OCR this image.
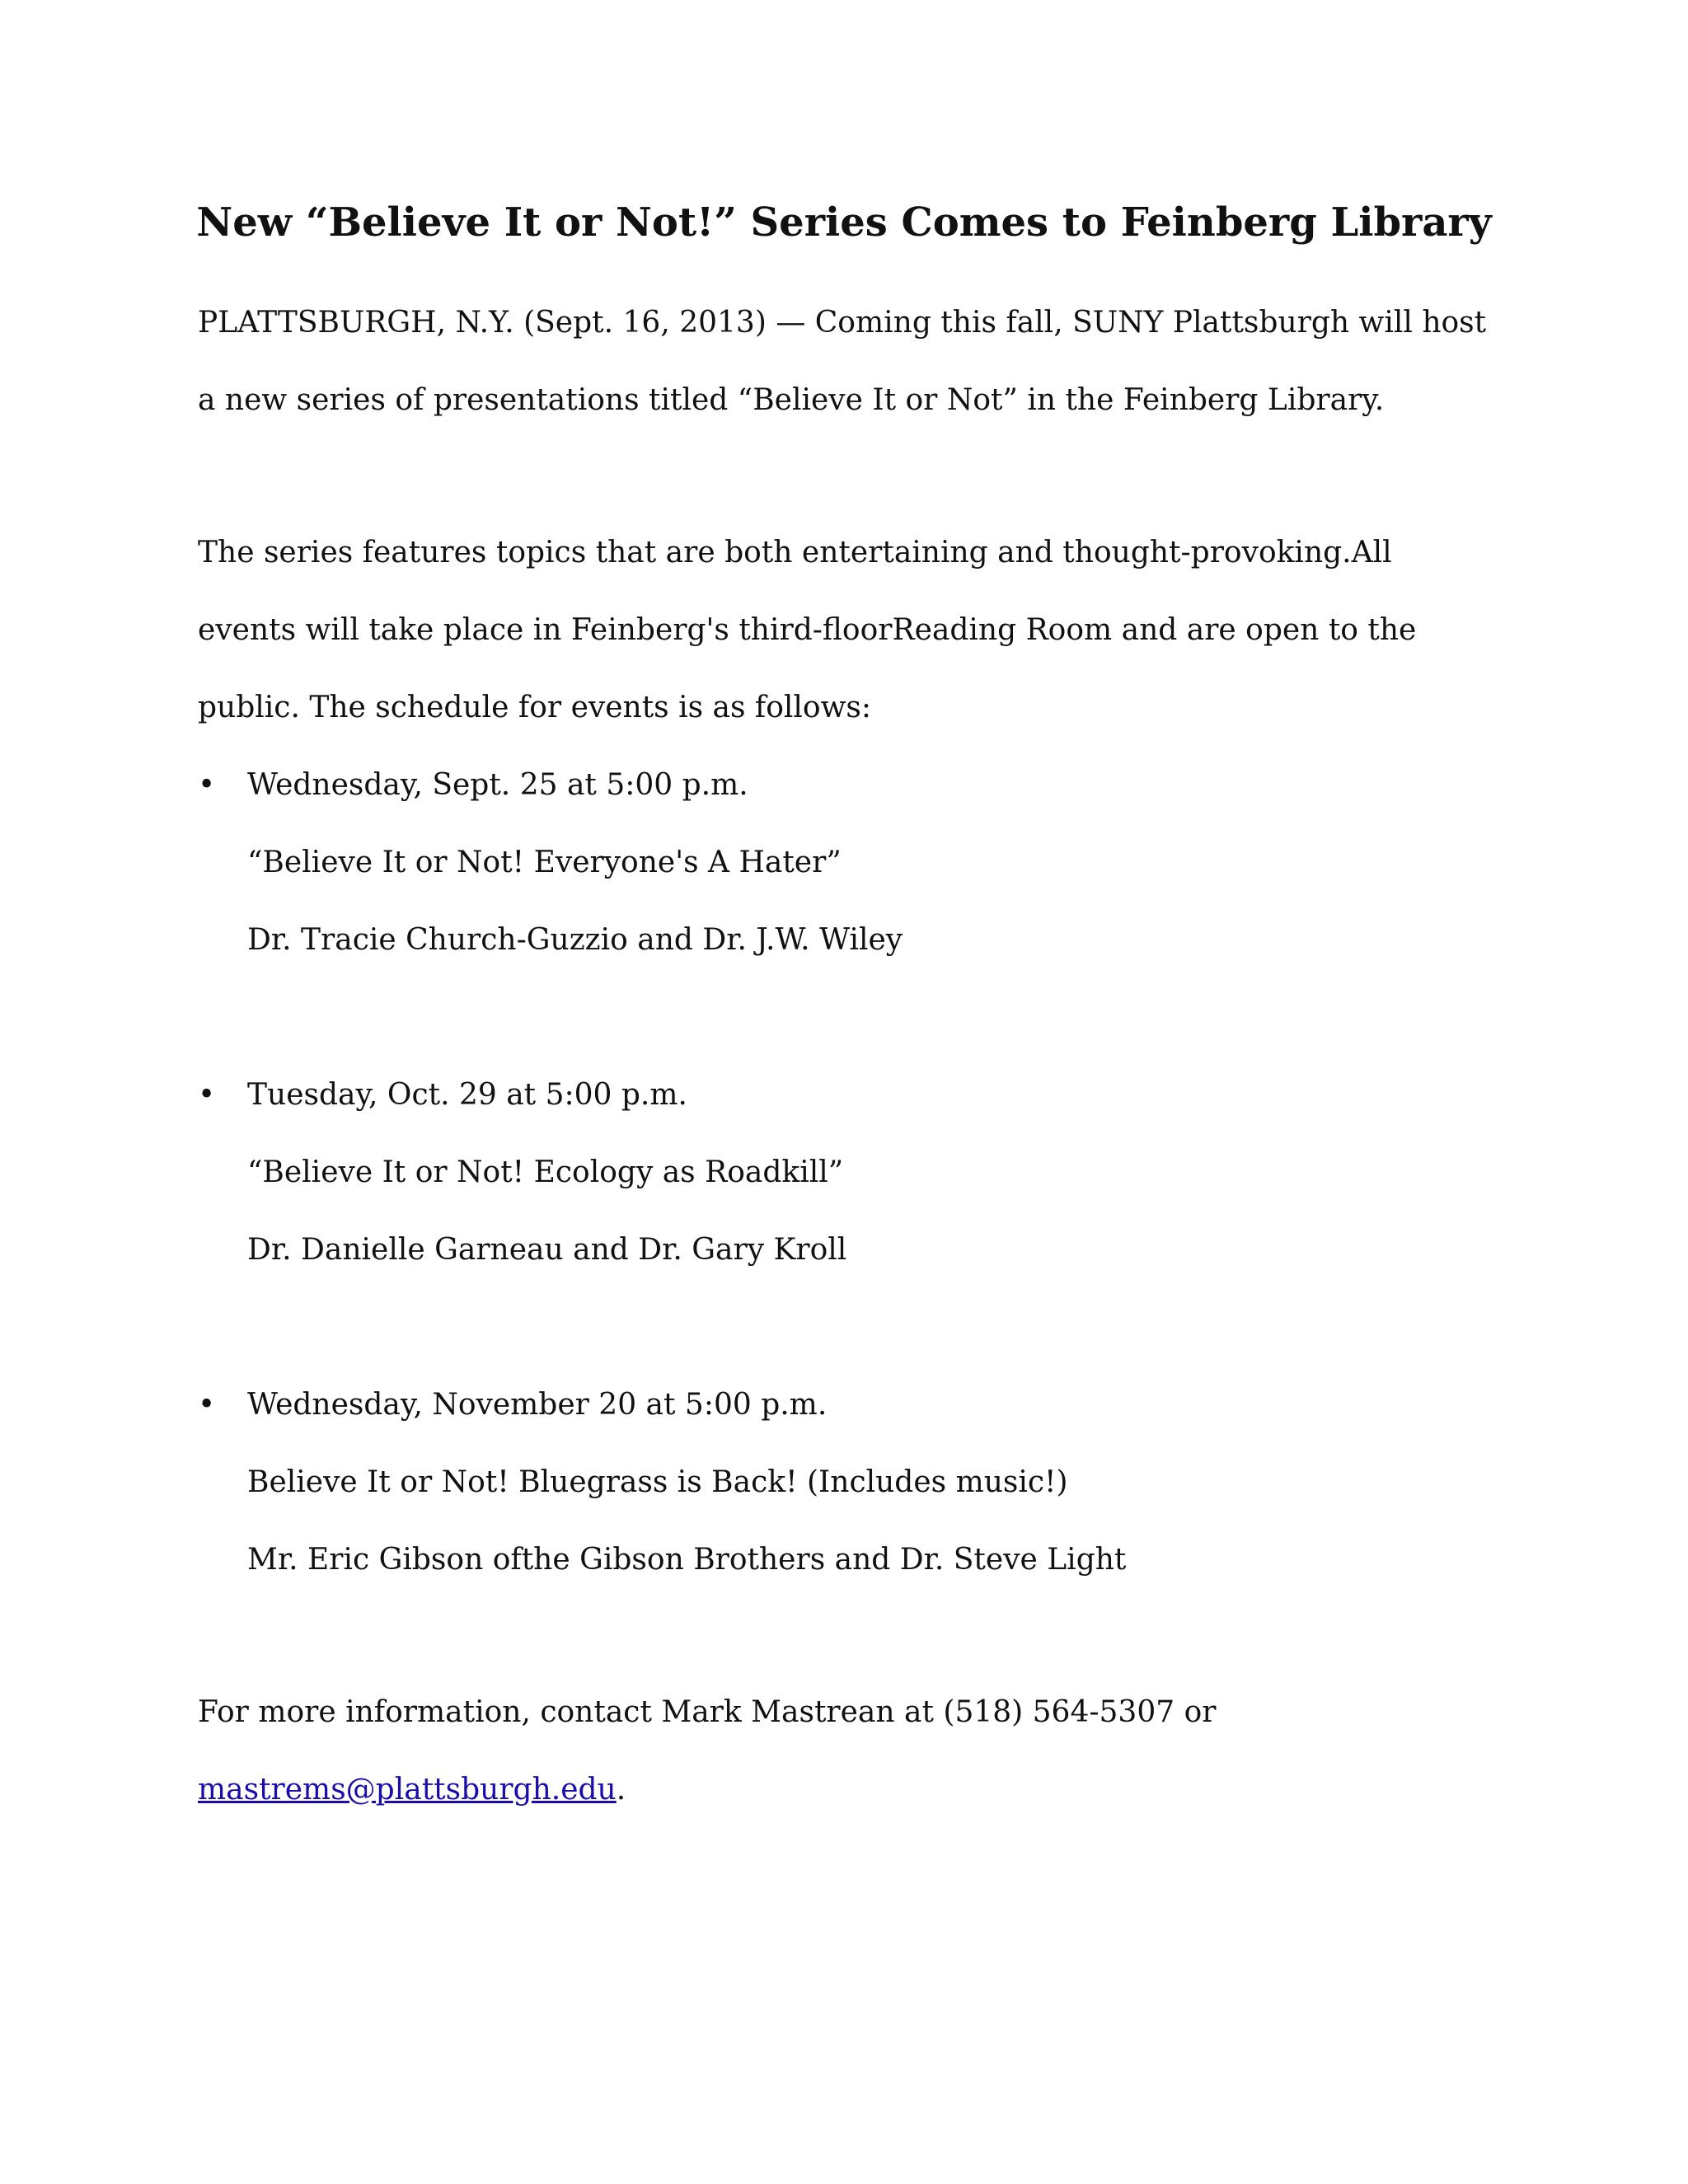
New “Believe It or Not!” Series Comes to Feinberg Library

PLATTSBURGH, N.Y. (Sept. 16, 2013) — Coming this fall, SUNY Plattsburgh will host a new series of presentations titled “Believe It or Not” in the Feinberg Library.

The series features topics that are both entertaining and thought-provoking.All events will take place in Feinberg's third-floorReading Room and are open to the public. The schedule for events is as follows:

•	Wednesday, Sept. 25 at 5:00 p.m.
“Believe It or Not! Everyone's A Hater”
Dr. Tracie Church-Guzzio and Dr. J.W. Wiley
•	Tuesday, Oct. 29 at 5:00 p.m.
“Believe It or Not! Ecology as Roadkill”
Dr. Danielle Garneau and Dr. Gary Kroll
•	Wednesday, November 20 at 5:00 p.m.
Believe It or Not! Bluegrass is Back! (Includes music!)
Mr. Eric Gibson ofthe Gibson Brothers and Dr. Steve Light

For more information, contact Mark Mastrean at (518) 564-5307 or
mastrems@plattsburgh.edu.
